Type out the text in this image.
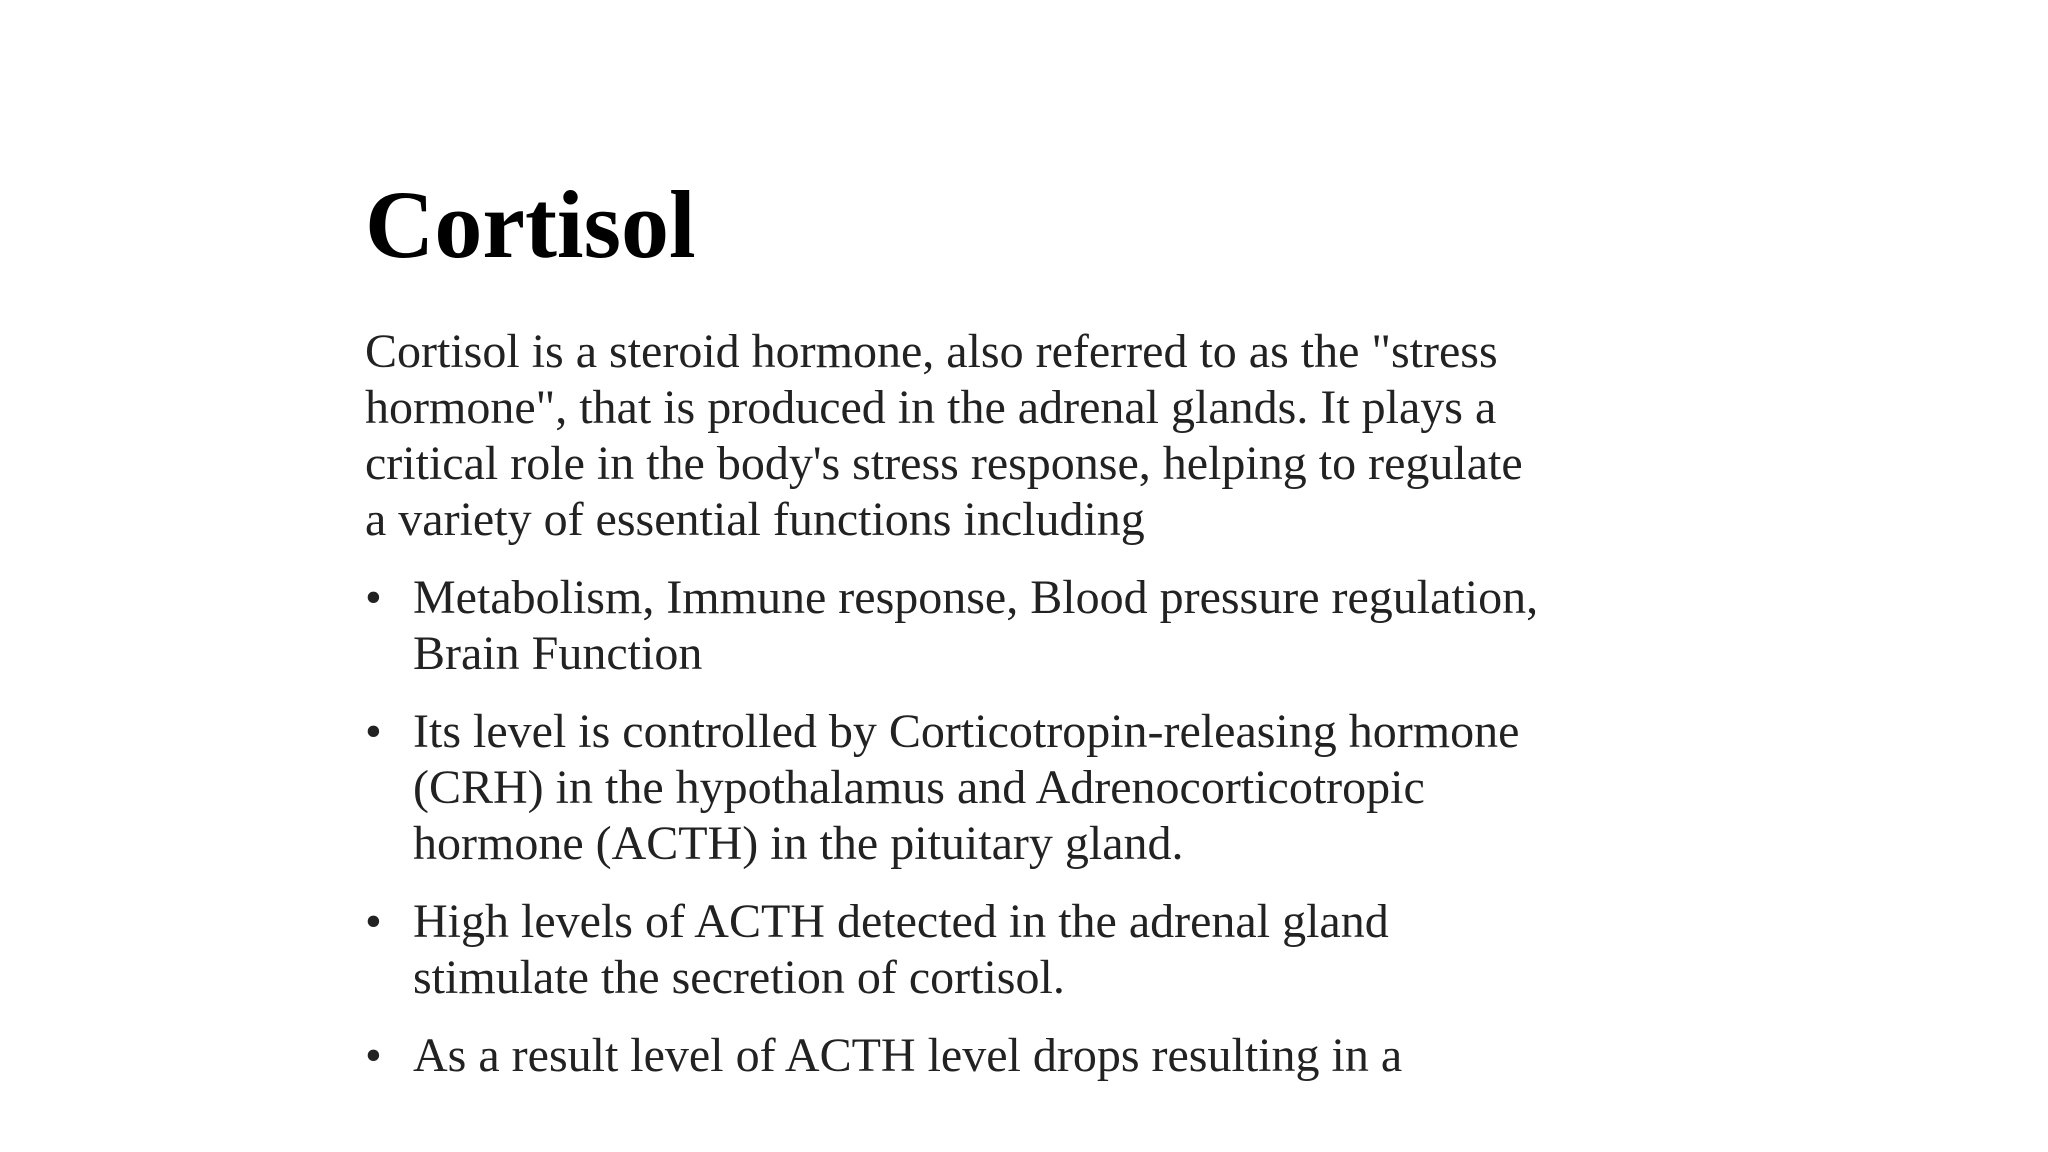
Cortisol

Cortisol is a steroid hormone, also referred to as the "stress hormone", that is produced in the adrenal glands. It plays a critical role in the body's stress response, helping to regulate a variety of essential functions including

• Metabolism, Immune response, Blood pressure regulation, Brain Function
• Its level is controlled by Corticotropin-releasing hormone (CRH) in the hypothalamus and Adrenocorticotropic hormone (ACTH) in the pituitary gland.
• High levels of ACTH detected in the adrenal gland stimulate the secretion of cortisol.
• As a result level of ACTH level drops resulting in a
